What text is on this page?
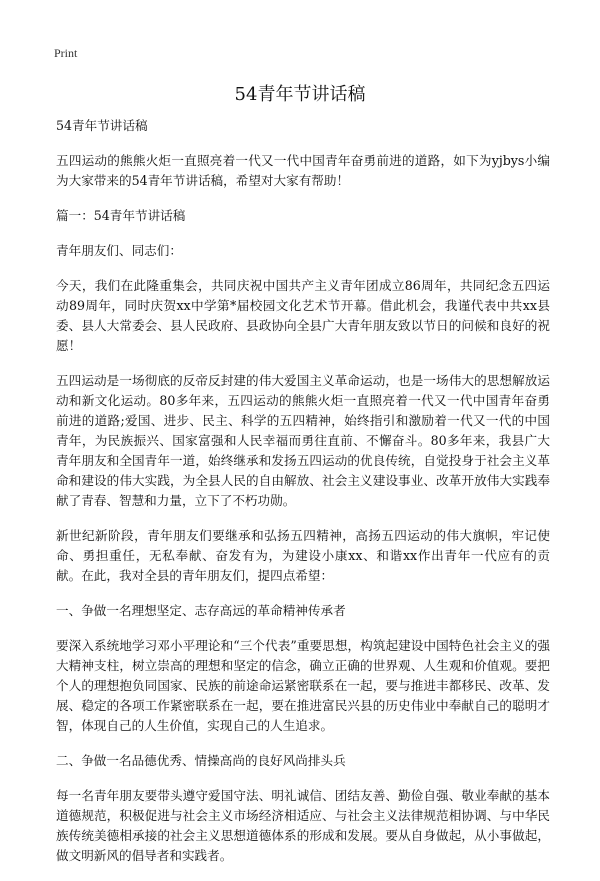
Print
54青年节讲话稿

54青年节讲话稿

五四运动的熊熊火炬一直照亮着一代又一代中国青年奋勇前进的道路，如下为yjbys小编为大家带来的54青年节讲话稿，希望对大家有帮助！

篇一：54青年节讲话稿

青年朋友们、同志们：

今天，我们在此隆重集会，共同庆祝中国共产主义青年团成立86周年，共同纪念五四运动89周年，同时庆贺xx中学第*届校园文化艺术节开幕。借此机会，我谨代表中共xx县委、县人大常委会、县人民政府、县政协向全县广大青年朋友致以节日的问候和良好的祝愿！

五四运动是一场彻底的反帝反封建的伟大爱国主义革命运动，也是一场伟大的思想解放运动和新文化运动。80多年来，五四运动的熊熊火炬一直照亮着一代又一代中国青年奋勇前进的道路;爱国、进步、民主、科学的五四精神，始终指引和激励着一代又一代的中国青年，为民族振兴、国家富强和人民幸福而勇往直前、不懈奋斗。80多年来，我县广大青年朋友和全国青年一道，始终继承和发扬五四运动的优良传统，自觉投身于社会主义革命和建设的伟大实践，为全县人民的自由解放、社会主义建设事业、改革开放伟大实践奉献了青春、智慧和力量，立下了不朽功勋。

新世纪新阶段，青年朋友们要继承和弘扬五四精神，高扬五四运动的伟大旗帜，牢记使命、勇担重任，无私奉献、奋发有为，为建设小康xx、和谐xx作出青年一代应有的贡献。在此，我对全县的青年朋友们，提四点希望：

一、争做一名理想坚定、志存高远的革命精神传承者

要深入系统地学习邓小平理论和“三个代表”重要思想，构筑起建设中国特色社会主义的强大精神支柱，树立崇高的理想和坚定的信念，确立正确的世界观、人生观和价值观。要把个人的理想抱负同国家、民族的前途命运紧密联系在一起，要与推进丰都移民、改革、发展、稳定的各项工作紧密联系在一起，要在推进富民兴县的历史伟业中奉献自己的聪明才智，体现自己的人生价值，实现自己的人生追求。

二、争做一名品德优秀、情操高尚的良好风尚排头兵

每一名青年朋友要带头遵守爱国守法、明礼诚信、团结友善、勤俭自强、敬业奉献的基本道德规范，积极促进与社会主义市场经济相适应、与社会主义法律规范相协调、与中华民族传统美德相承接的社会主义思想道德体系的形成和发展。要从自身做起，从小事做起，做文明新风的倡导者和实践者。
